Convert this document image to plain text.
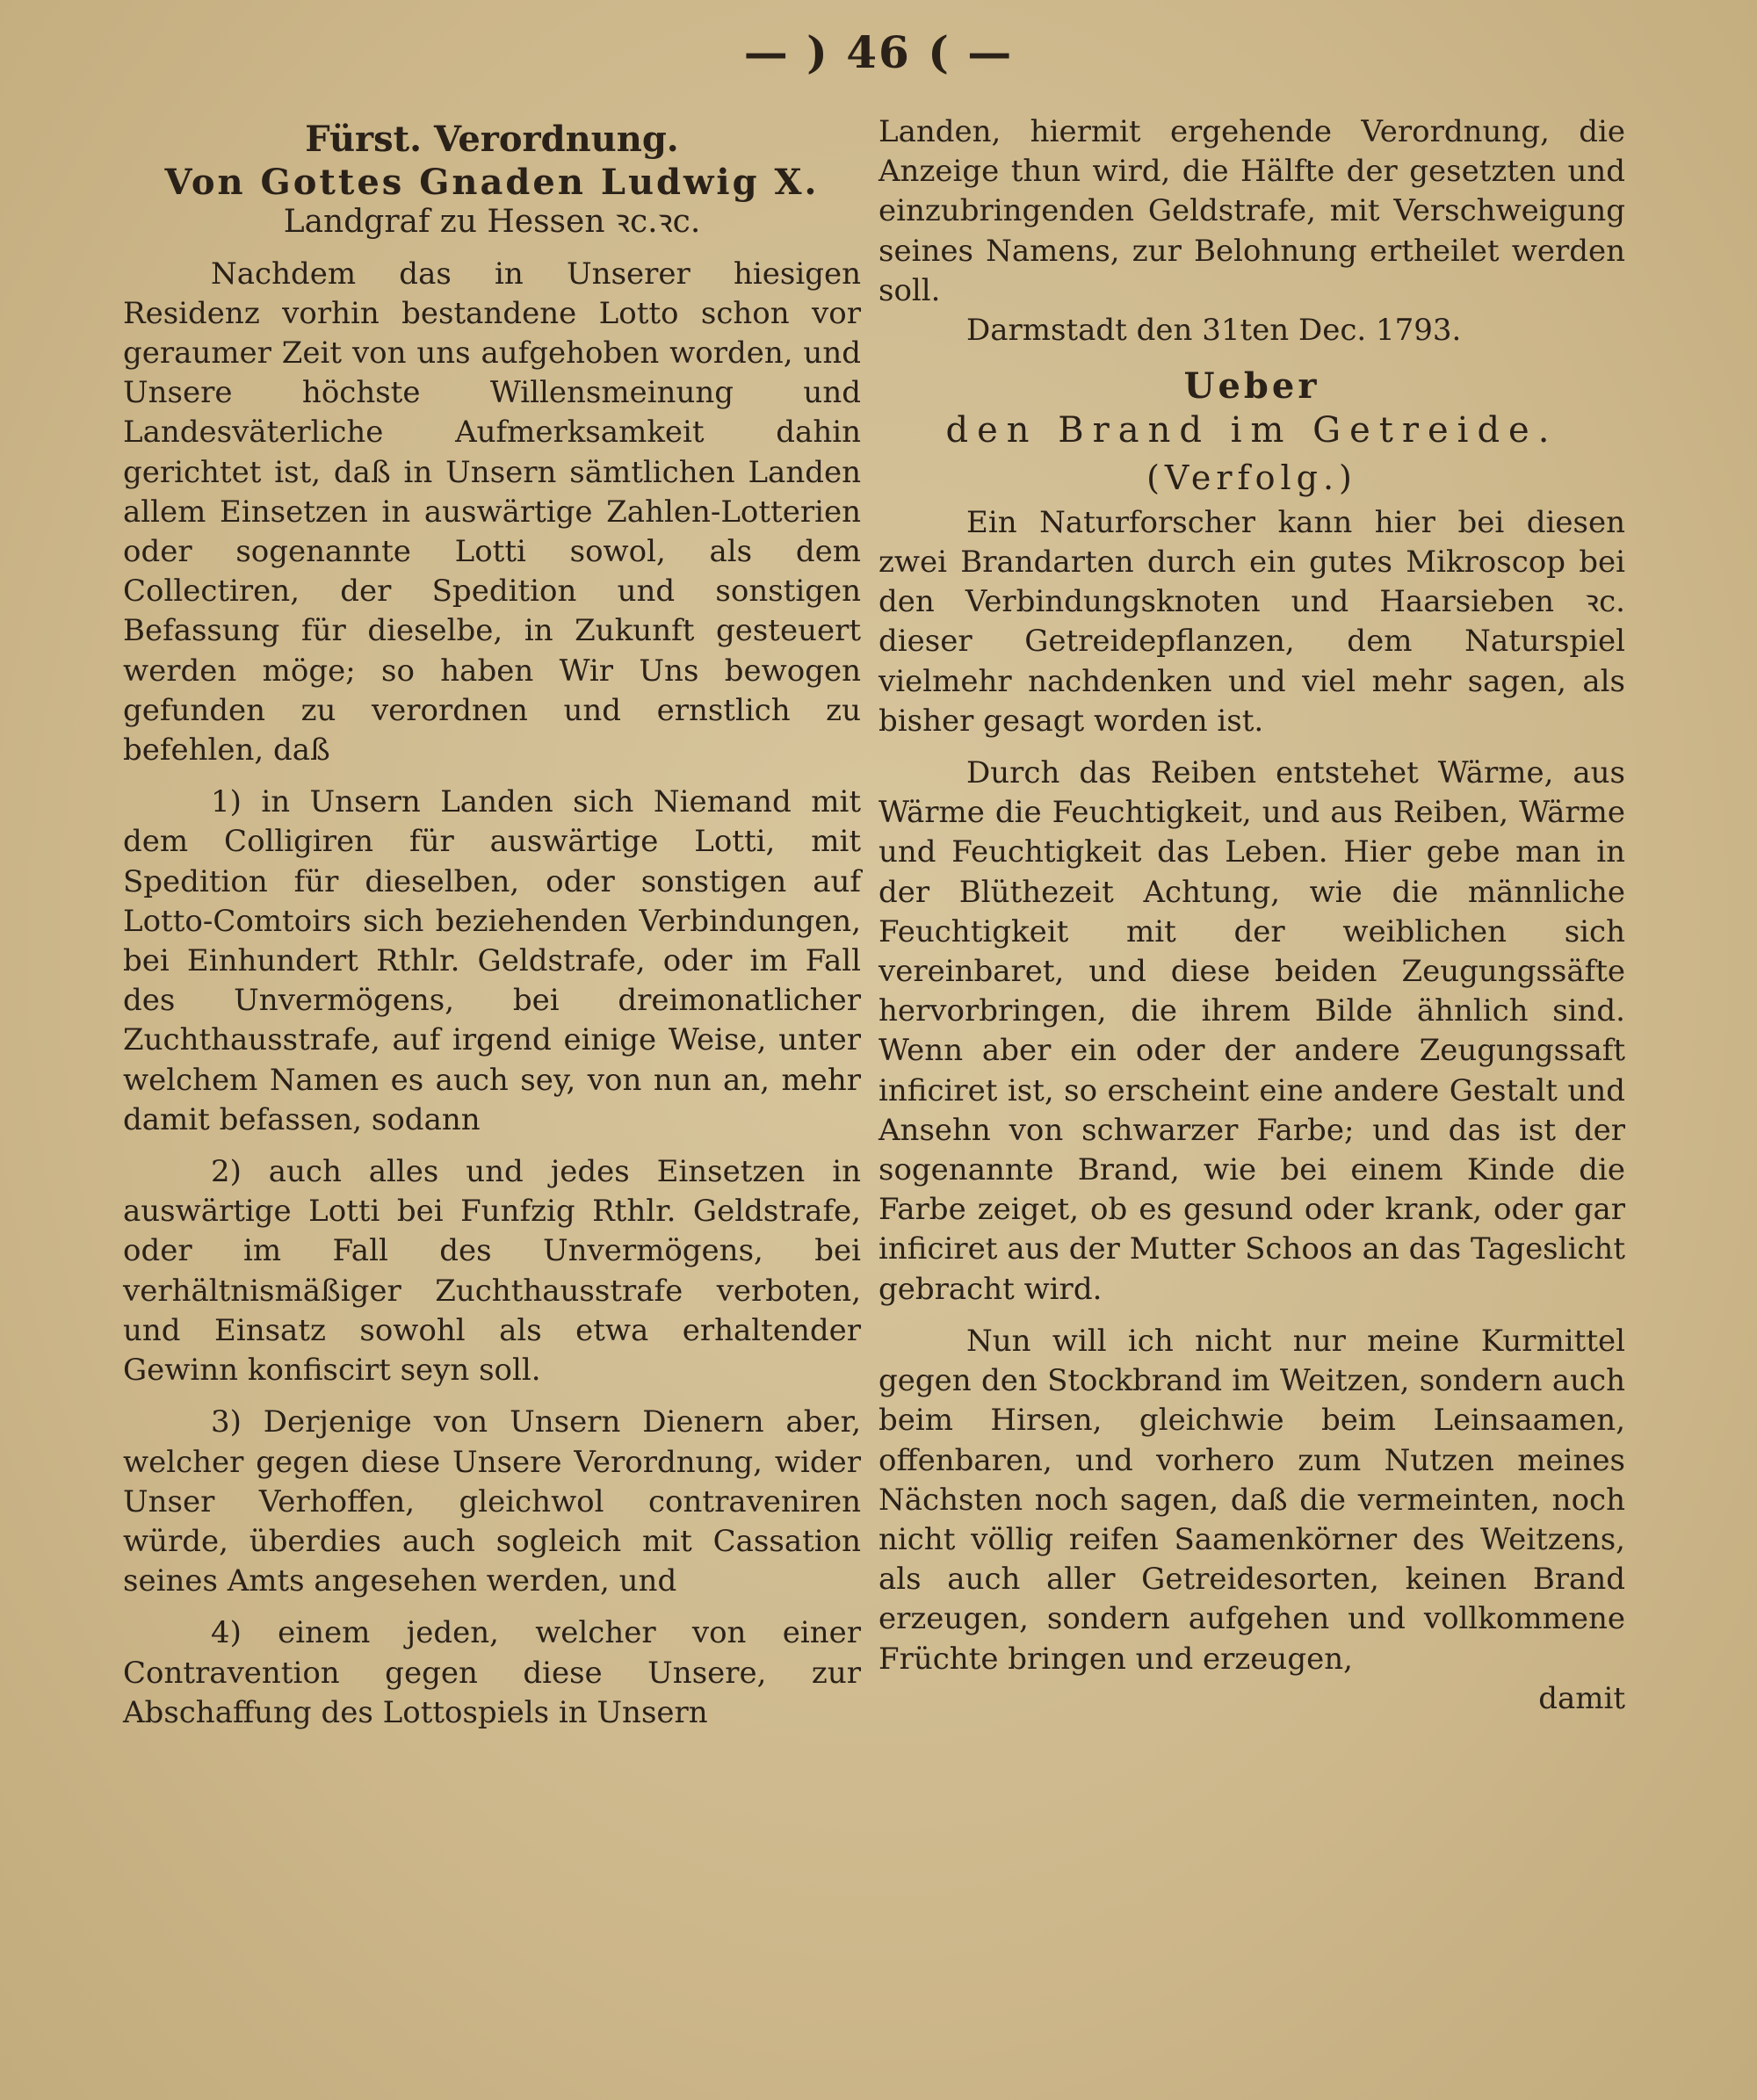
— ) 46 ( —

Fürst. Verordnung.

Von Gottes Gnaden Ludwig X.

Landgraf zu Hessen ꝛc.ꝛc.

Nachdem das in Unserer hiesigen Residenz vorhin bestandene Lotto schon vor geraumer Zeit von uns aufgehoben worden, und Unsere höchste Willensmeinung und Landesväterliche Aufmerksamkeit dahin gerichtet ist, daß in Unsern sämtlichen Landen allem Einsetzen in auswärtige Zahlen-Lotterien oder sogenannte Lotti sowol, als dem Collectiren, der Spedition und sonstigen Befassung für dieselbe, in Zukunft gesteuert werden möge; so haben Wir Uns bewogen gefunden zu verordnen und ernstlich zu befehlen, daß

1) in Unsern Landen sich Niemand mit dem Colligiren für auswärtige Lotti, mit Spedition für dieselben, oder sonstigen auf Lotto-Comtoirs sich beziehenden Verbindungen, bei Einhundert Rthlr. Geldstrafe, oder im Fall des Unvermögens, bei dreimonatlicher Zuchthausstrafe, auf irgend einige Weise, unter welchem Namen es auch sey, von nun an, mehr damit befassen, sodann

2) auch alles und jedes Einsetzen in auswärtige Lotti bei Funfzig Rthlr. Geldstrafe, oder im Fall des Unvermögens, bei verhältnismäßiger Zuchthausstrafe verboten, und Einsatz sowohl als etwa erhaltender Gewinn konfiscirt seyn soll.

3) Derjenige von Unsern Dienern aber, welcher gegen diese Unsere Verordnung, wider Unser Verhoffen, gleichwol contraveniren würde, überdies auch sogleich mit Cassation seines Amts angesehen werden, und

4) einem jeden, welcher von einer Contravention gegen diese Unsere, zur Abschaffung des Lottospiels in Unsern

Landen, hiermit ergehende Verordnung, die Anzeige thun wird, die Hälfte der gesetzten und einzubringenden Geldstrafe, mit Verschweigung seines Namens, zur Belohnung ertheilet werden soll.

Darmstadt den 31ten Dec. 1793.

Ueber

den Brand im Getreide.

(Verfolg.)

Ein Naturforscher kann hier bei diesen zwei Brandarten durch ein gutes Mikroscop bei den Verbindungsknoten und Haarsieben ꝛc. dieser Getreidepflanzen, dem Naturspiel vielmehr nachdenken und viel mehr sagen, als bisher gesagt worden ist.

Durch das Reiben entstehet Wärme, aus Wärme die Feuchtigkeit, und aus Reiben, Wärme und Feuchtigkeit das Leben. Hier gebe man in der Blüthezeit Achtung, wie die männliche Feuchtigkeit mit der weiblichen sich vereinbaret, und diese beiden Zeugungssäfte hervorbringen, die ihrem Bilde ähnlich sind. Wenn aber ein oder der andere Zeugungssaft inficiret ist, so erscheint eine andere Gestalt und Ansehn von schwarzer Farbe; und das ist der sogenannte Brand, wie bei einem Kinde die Farbe zeiget, ob es gesund oder krank, oder gar inficiret aus der Mutter Schoos an das Tageslicht gebracht wird.

Nun will ich nicht nur meine Kurmittel gegen den Stockbrand im Weitzen, sondern auch beim Hirsen, gleichwie beim Leinsaamen, offenbaren, und vorhero zum Nutzen meines Nächsten noch sagen, daß die vermeinten, noch nicht völlig reifen Saamenkörner des Weitzens, als auch aller Getreidesorten, keinen Brand erzeugen, sondern aufgehen und vollkommene Früchte bringen und erzeugen,

damit
